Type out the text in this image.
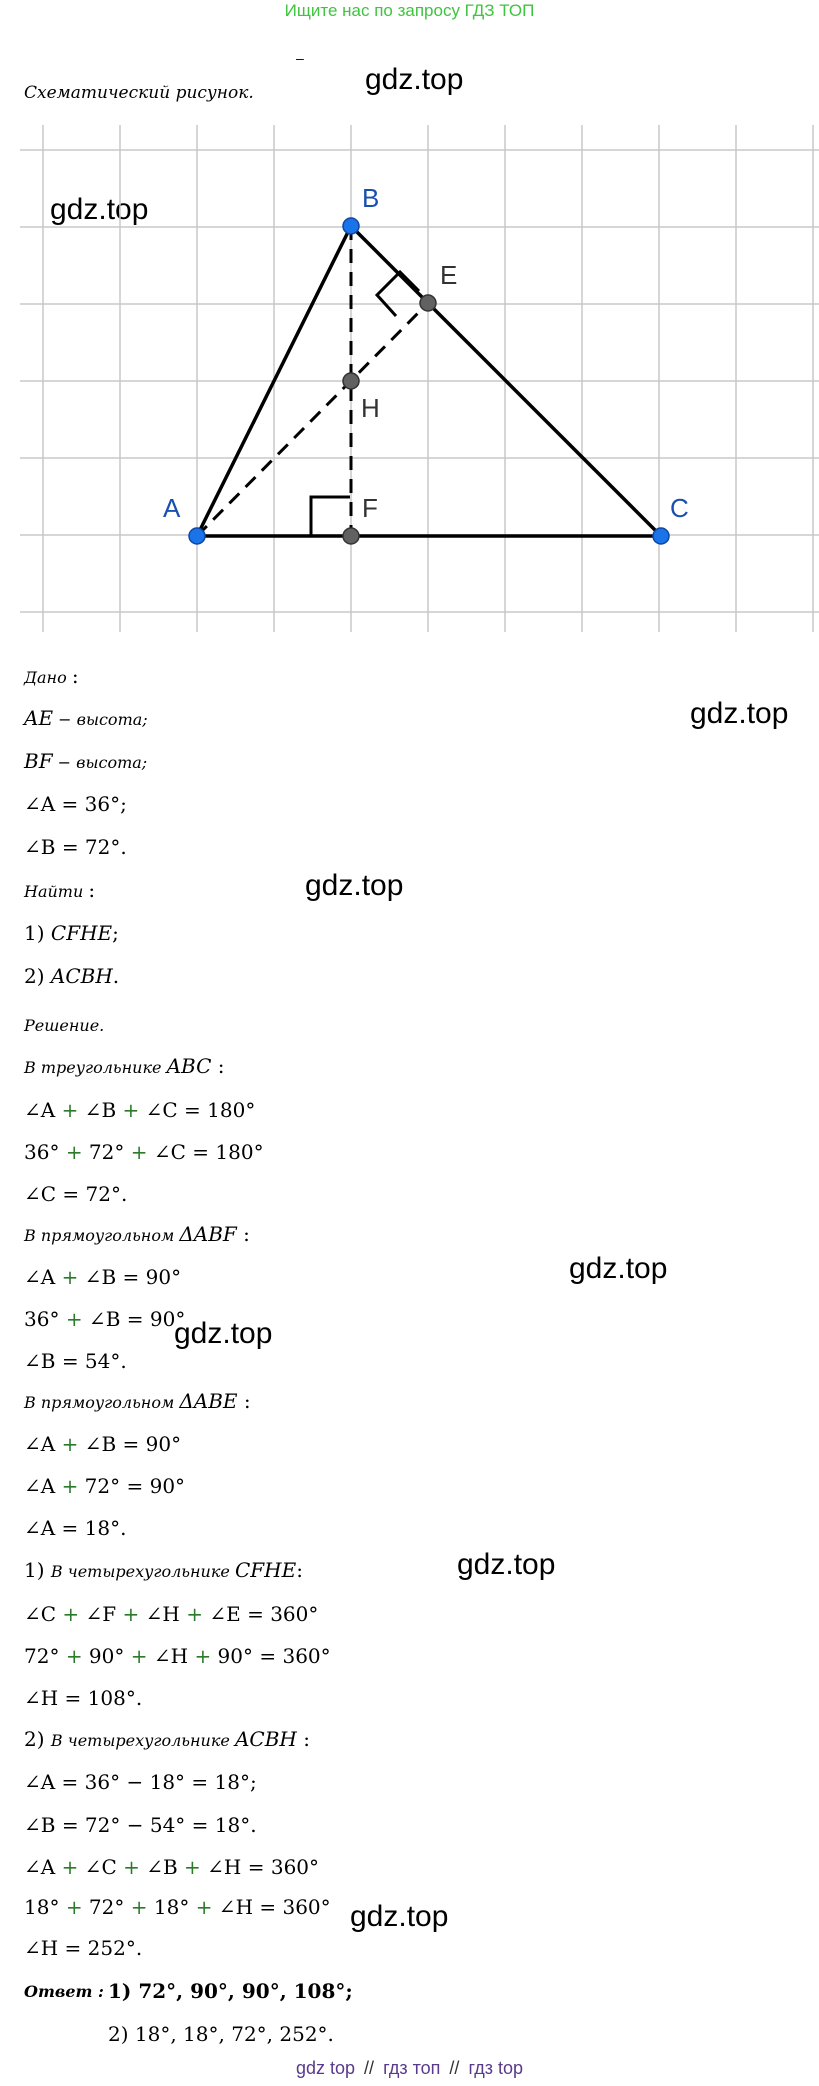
Ищите нас по запросу ГДЗ ТОП
–
Схематический рисунок.	gdz.top
gdz.top
gdz.top
gdz.top
gdz.top
gdz.top
gdz.top
gdz.top
A
B
C
E
H
F
Дано :
AE − высота;
BF − высота;
∠A = 36°;
∠B = 72°.
Найти :
1) CFHE;
2) ACBH.
Решение.
В треугольнике ABC :
∠A + ∠B + ∠C = 180°
36° + 72° + ∠C = 180°
∠C = 72°.
В прямоугольном ΔABF :
∠A + ∠B = 90°
36° + ∠B = 90°
∠B = 54°.
В прямоугольном ΔABE :
∠A + ∠B = 90°
∠A + 72° = 90°
∠A = 18°.
1) В четырехугольнике CFHE:
∠C + ∠F + ∠H + ∠E = 360°
72° + 90° + ∠H + 90° = 360°
∠H = 108°.
2) В четырехугольнике ACBH :
∠A = 36° − 18° = 18°;
∠B = 72° − 54° = 18°.
∠A + ∠C + ∠B + ∠H = 360°
18° + 72° + 18° + ∠H = 360°
∠H = 252°.
Ответ : 1) 72°, 90°, 90°, 108°;
2) 18°, 18°, 72°, 252°.
gdz top // гдз топ // гдз top
